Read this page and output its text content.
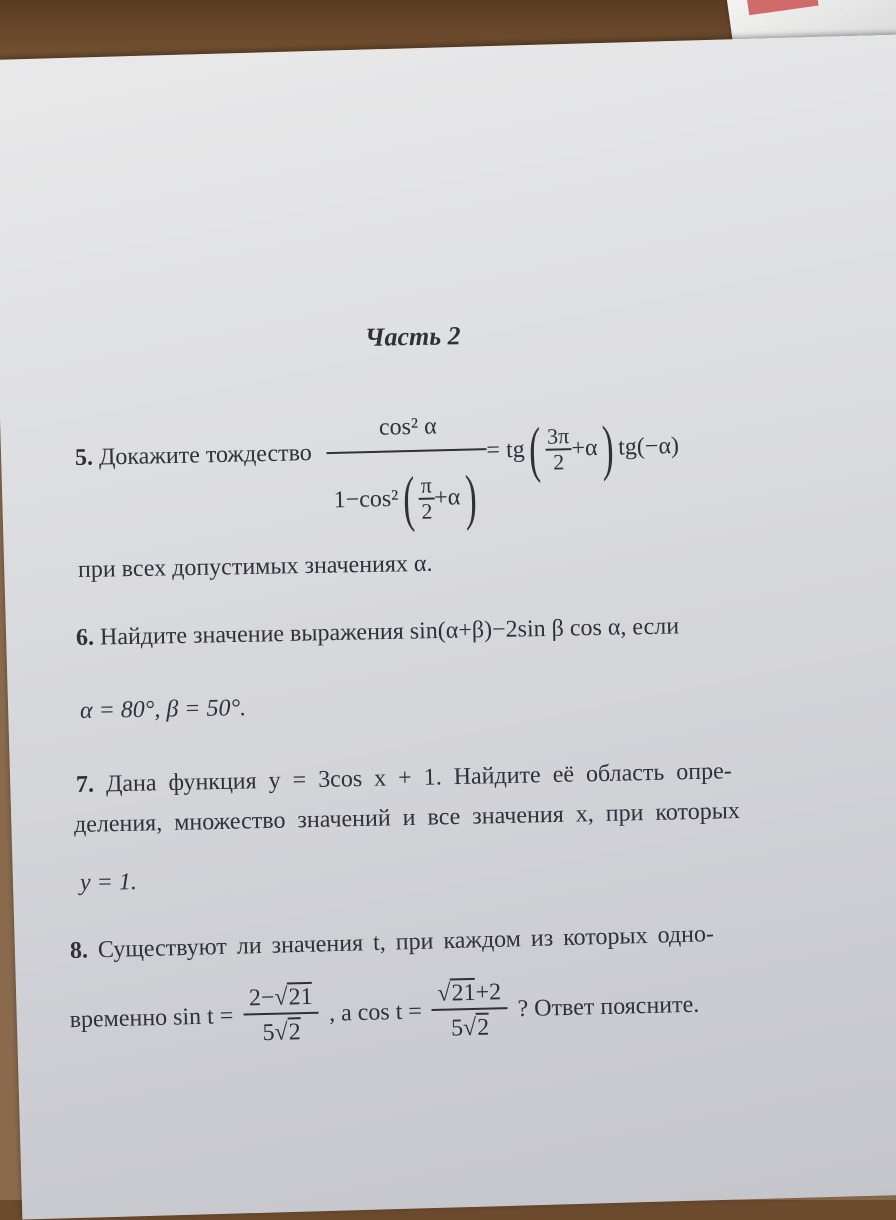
Часть 2
5. Докажите тождество
cos² α
$1-\cos^2( \frac{\pi}{2} +\alpha)$
= $tg( \frac{3\pi}{2} +\alpha)$ tg(−α)
при всех допустимых значениях α.
6. Найдите значение выражения sin(α+β)−2sin β cos α, если
α = 80°, β = 50°.
7. Дана функция y = 3cos x + 1. Найдите её область опре-
деления, множество значений и все значения x, при которых
y = 1.
8. Существуют ли значения t, при каждом из которых одно-
временно $\sin t = \frac{2-√21}{5√2}$ , а $\cos t = \frac{√21+2}{5√2}$ ? Ответ поясните.
